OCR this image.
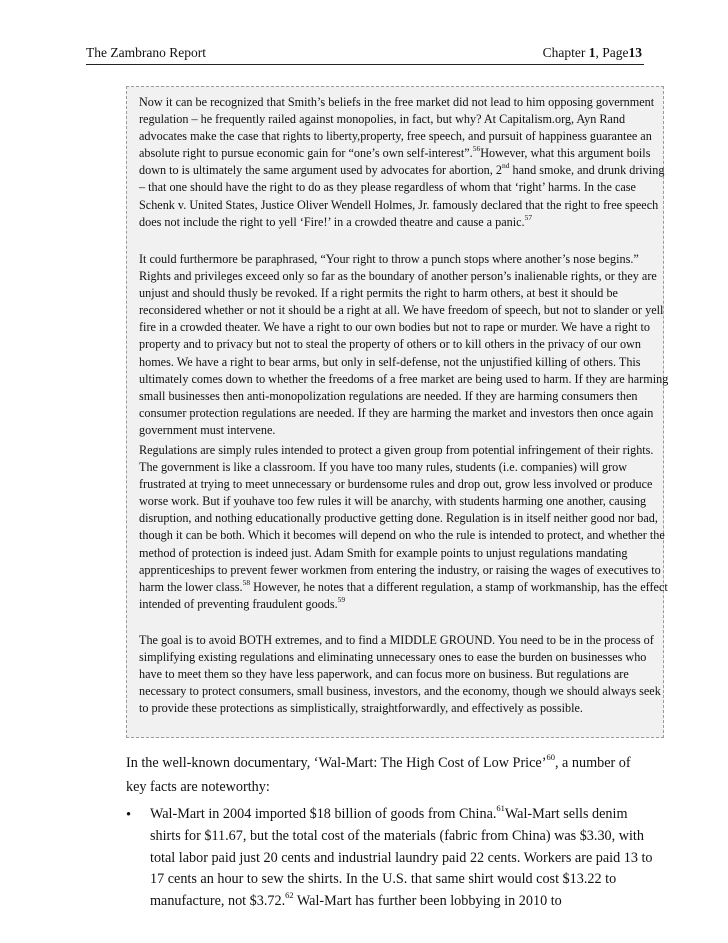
The Zambrano Report	Chapter 1, Page13

Now it can be recognized that Smith’s beliefs in the free market did not lead to him opposing government regulation – he frequently railed against monopolies, in fact, but why? At Capitalism.org, Ayn Rand advocates make the case that rights to liberty,property, free speech, and pursuit of happiness guarantee an absolute right to pursue economic gain for “one’s own self-interest”.$^{56}$However, what this argument boils down to is ultimately the same argument used by advocates for abortion, 2nd hand smoke, and drunk driving – that one should have the right to do as they please regardless of whom that ‘right’ harms. In the case Schenk v. United States, Justice Oliver Wendell Holmes, Jr. famously declared that the right to free speech does not include the right to yell ‘Fire!’ in a crowded theatre and cause a panic.$^{57}$

It could furthermore be paraphrased, “Your right to throw a punch stops where another’s nose begins.” Rights and privileges exceed only so far as the boundary of another person’s inalienable rights, or they are unjust and should thusly be revoked. If a right permits the right to harm others, at best it should be reconsidered whether or not it should be a right at all. We have freedom of speech, but not to slander or yell fire in a crowded theater. We have a right to our own bodies but not to rape or murder. We have a right to property and to privacy but not to steal the property of others or to kill others in the privacy of our own homes. We have a right to bear arms, but only in self-defense, not the unjustified killing of others. This ultimately comes down to whether the freedoms of a free market are being used to harm. If they are harming small businesses then anti-monopolization regulations are needed. If they are harming consumers then consumer protection regulations are needed. If they are harming the market and investors then once again government must intervene.

Regulations are simply rules intended to protect a given group from potential infringement of their rights. The government is like a classroom. If you have too many rules, students (i.e. companies) will grow frustrated at trying to meet unnecessary or burdensome rules and drop out, grow less involved or produce worse work. But if youhave too few rules it will be anarchy, with students harming one another, causing disruption, and nothing educationally productive getting done. Regulation is in itself neither good nor bad, though it can be both. Which it becomes will depend on who the rule is intended to protect, and whether the method of protection is indeed just. Adam Smith for example points to unjust regulations mandating apprenticeships to prevent fewer workmen from entering the industry, or raising the wages of executives to harm the lower class.$^{58}$ However, he notes that a different regulation, a stamp of workmanship, has the effect intended of preventing fraudulent goods.$^{59}$

The goal is to avoid BOTH extremes, and to find a MIDDLE GROUND. You need to be in the process of simplifying existing regulations and eliminating unnecessary ones to ease the burden on businesses who have to meet them so they have less paperwork, and can focus more on business. But regulations are necessary to protect consumers, small business, investors, and the economy, though we should always seek to provide these protections as simplistically, straightforwardly, and effectively as possible.

In the well-known documentary, ‘Wal-Mart: The High Cost of Low Price’$^{60}$, a number of key facts are noteworthy:

• Wal-Mart in 2004 imported $18 billion of goods from China.$^{61}$Wal-Mart sells denim shirts for $11.67, but the total cost of the materials (fabric from China) was $3.30, with total labor paid just 20 cents and industrial laundry paid 22 cents. Workers are paid 13 to 17 cents an hour to sew the shirts. In the U.S. that same shirt would cost $13.22 to manufacture, not $3.72.62 Wal-Mart has further been lobbying in 2010 to
